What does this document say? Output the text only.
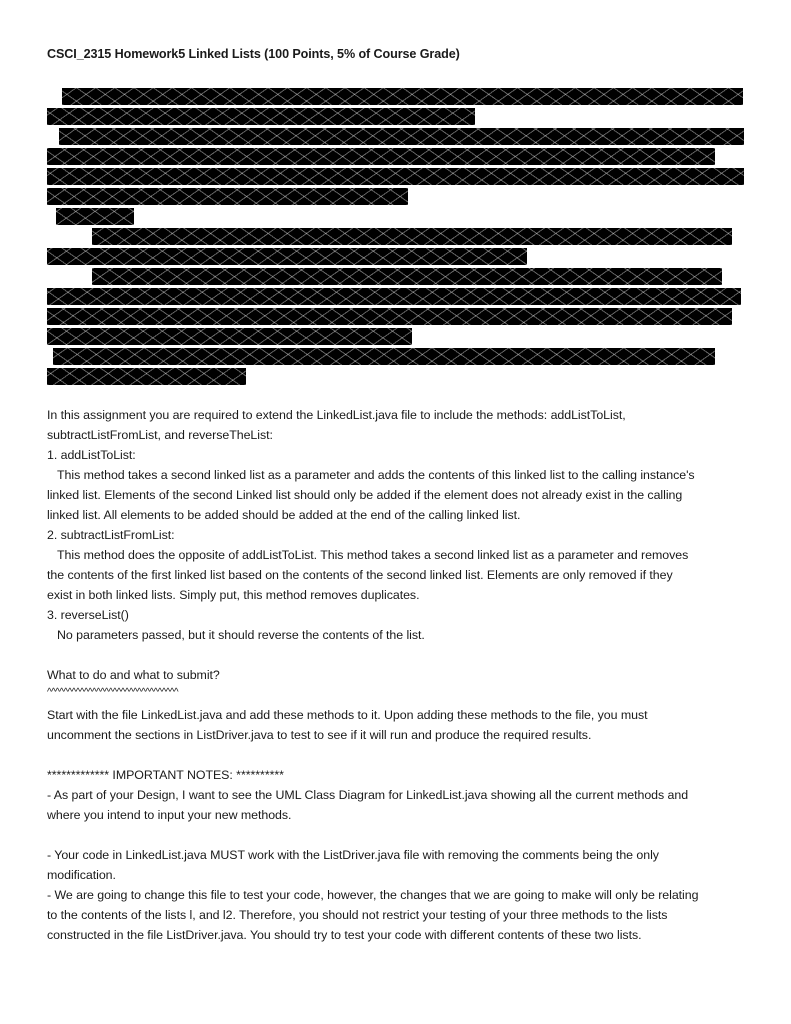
CSCI_2315 Homework5 Linked Lists (100 Points, 5% of Course Grade)
In this assignment you are required to extend the LinkedList.java file to include the methods: addListToList,
subtractListFromList, and reverseTheList:
1. addListToList:
This method takes a second linked list as a parameter and adds the contents of this linked list to the calling instance's
linked list. Elements of the second Linked list should only be added if the element does not already exist in the calling
linked list. All elements to be added should be added at the end of the calling linked list.
2. subtractListFromList:
This method does the opposite of addListToList. This method takes a second linked list as a parameter and removes
the contents of the first linked list based on the contents of the second linked list. Elements are only removed if they
exist in both linked lists. Simply put, this method removes duplicates.
3. reverseList()
No parameters passed, but it should reverse the contents of the list.
What to do and what to submit?
^^^^^^^^^^^^^^^^^^^^^^^^^^^^^^^^
Start with the file LinkedList.java and add these methods to it. Upon adding these methods to the file, you must
uncomment the sections in ListDriver.java to test to see if it will run and produce the required results.
************* IMPORTANT NOTES: **********
- As part of your Design, I want to see the UML Class Diagram for LinkedList.java showing all the current methods and
where you intend to input your new methods.
- Your code in LinkedList.java MUST work with the ListDriver.java file with removing the comments being the only
modification.
- We are going to change this file to test your code, however, the changes that we are going to make will only be relating
to the contents of the lists l, and l2. Therefore, you should not restrict your testing of your three methods to the lists
constructed in the file ListDriver.java. You should try to test your code with different contents of these two lists.
